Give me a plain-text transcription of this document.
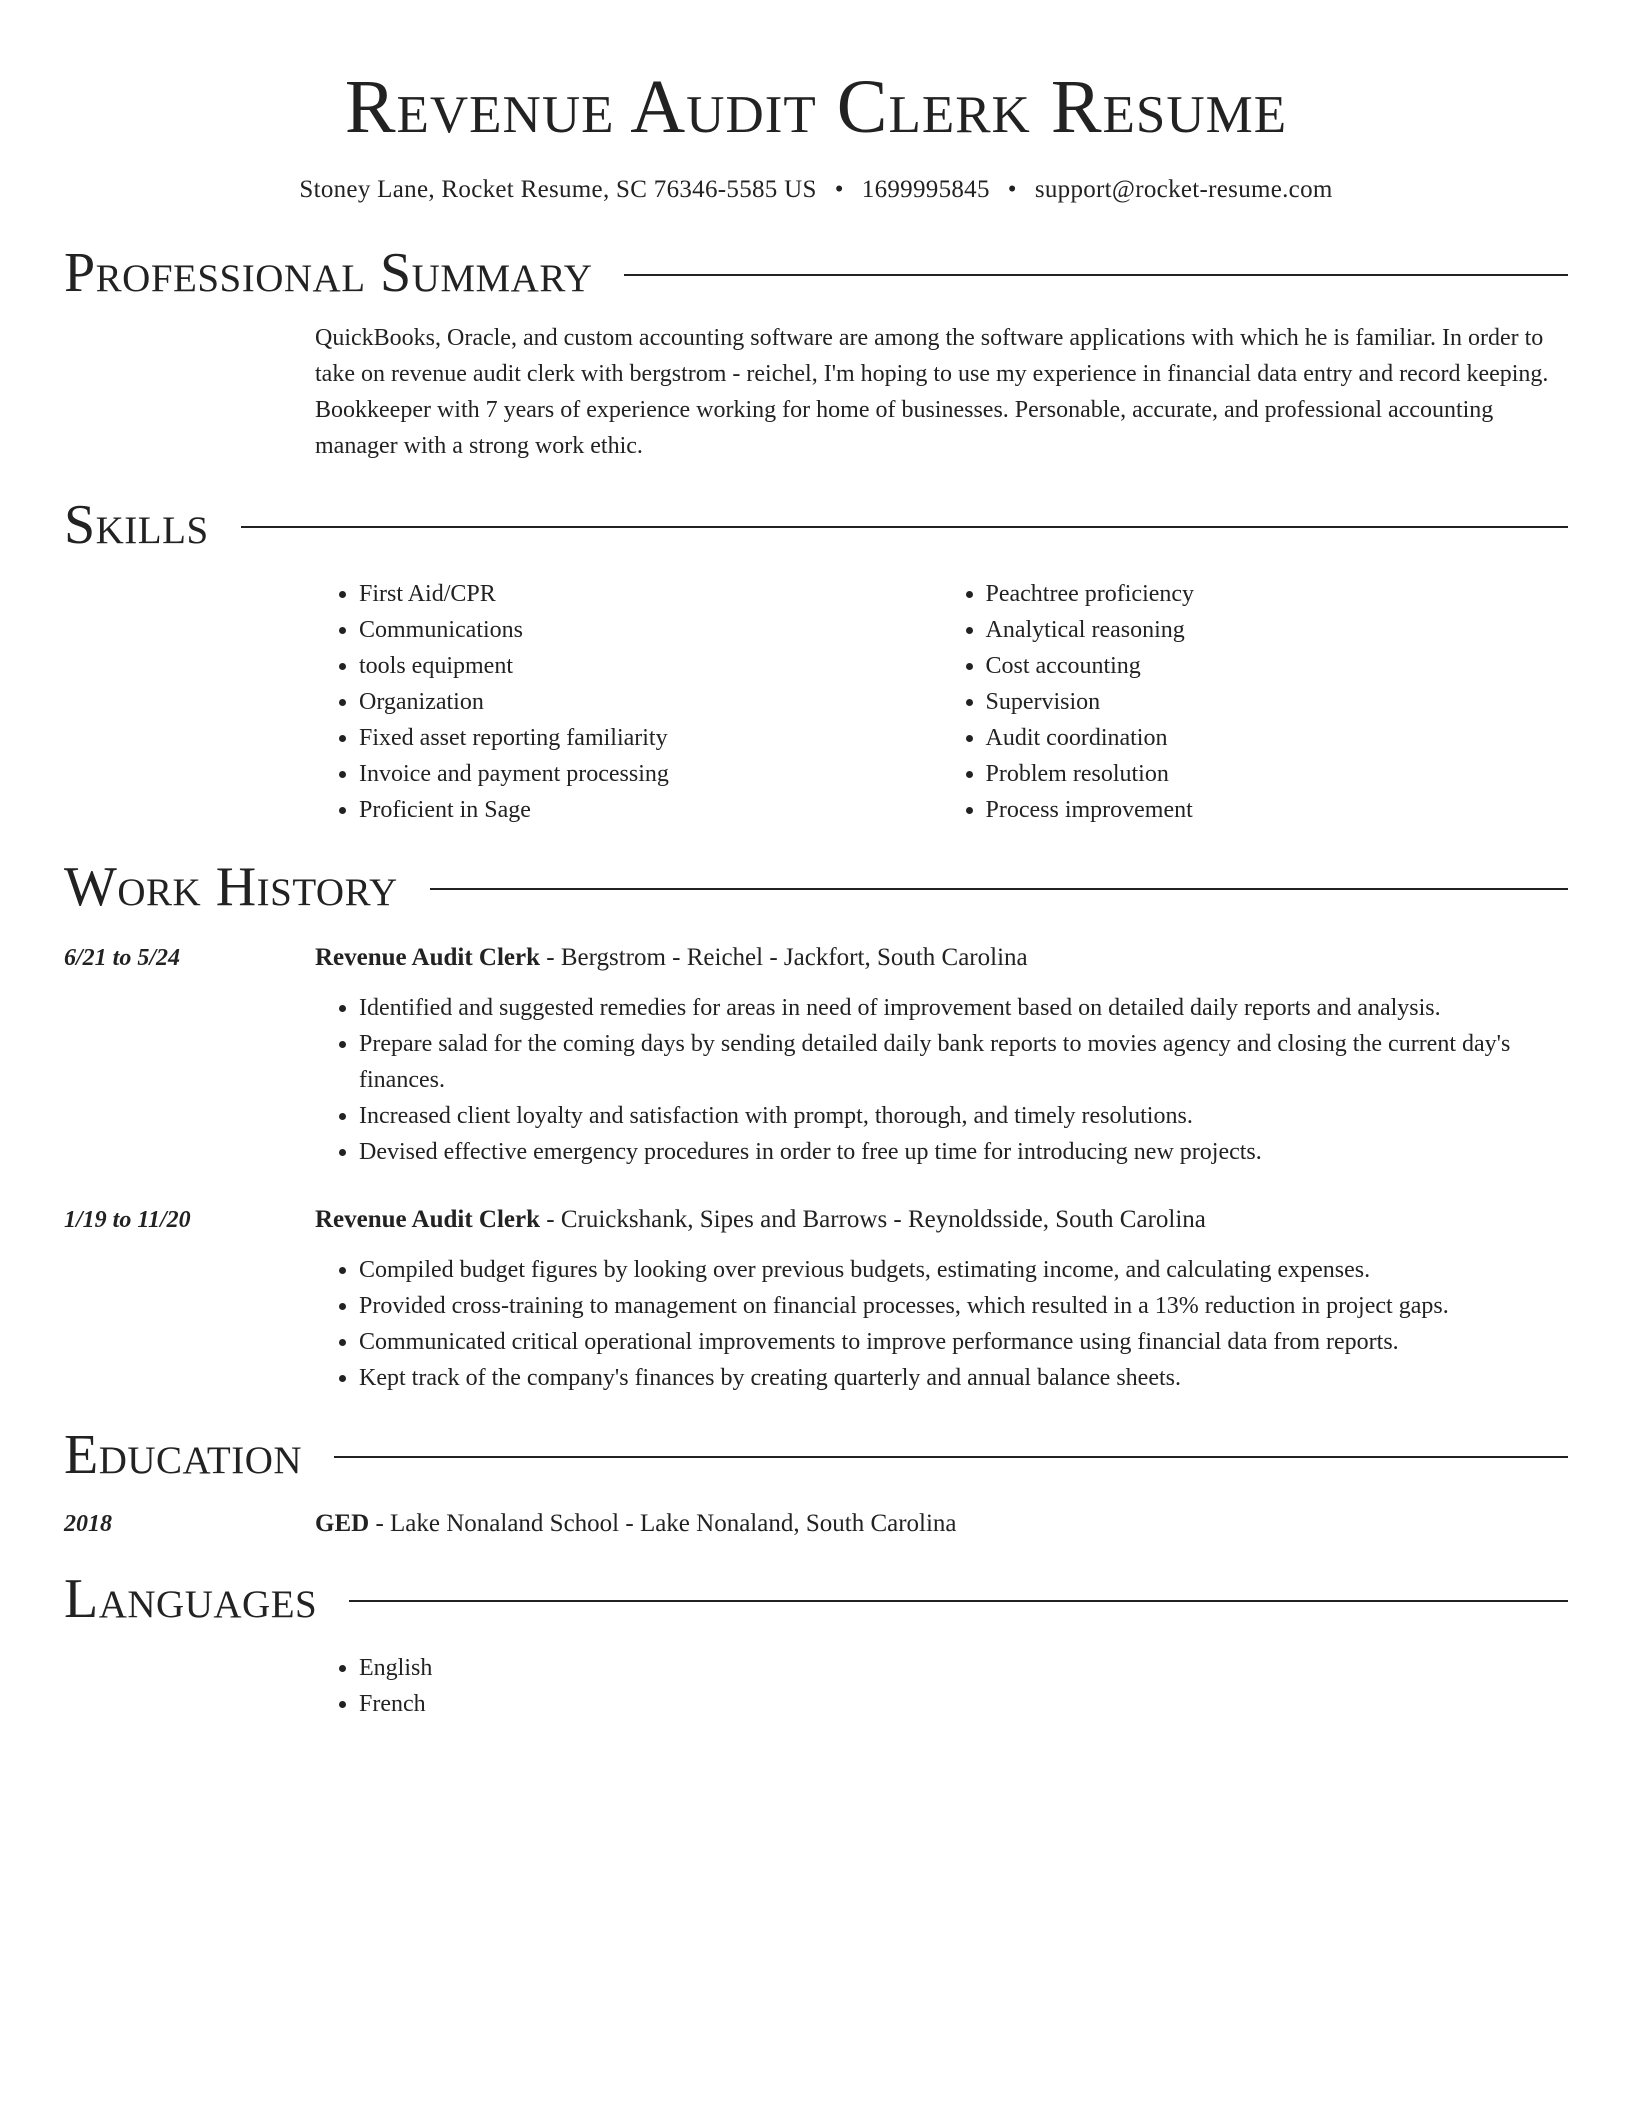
Revenue Audit Clerk Resume
Stoney Lane, Rocket Resume, SC 76346-5585 US • 1699995845 • support@rocket-resume.com
Professional Summary

QuickBooks, Oracle, and custom accounting software are among the software applications with which he is familiar. In order to take on revenue audit clerk with bergstrom - reichel, I'm hoping to use my experience in financial data entry and record keeping. Bookkeeper with 7 years of experience working for home of businesses. Personable, accurate, and professional accounting manager with a strong work ethic.

Skills
• First Aid/CPR
• Communications
• tools equipment
• Organization
• Fixed asset reporting familiarity
• Invoice and payment processing
• Proficient in Sage
• Peachtree proficiency
• Analytical reasoning
• Cost accounting
• Supervision
• Audit coordination
• Problem resolution
• Process improvement
Work History
6/21 to 5/24	Revenue Audit Clerk - Bergstrom - Reichel - Jackfort, South Carolina
• Identified and suggested remedies for areas in need of improvement based on detailed daily reports and analysis.
• Prepare salad for the coming days by sending detailed daily bank reports to movies agency and closing the current day's finances.
• Increased client loyalty and satisfaction with prompt, thorough, and timely resolutions.
• Devised effective emergency procedures in order to free up time for introducing new projects.
1/19 to 11/20	Revenue Audit Clerk - Cruickshank, Sipes and Barrows - Reynoldsside, South Carolina
• Compiled budget figures by looking over previous budgets, estimating income, and calculating expenses.
• Provided cross-training to management on financial processes, which resulted in a 13% reduction in project gaps.
• Communicated critical operational improvements to improve performance using financial data from reports.
• Kept track of the company's finances by creating quarterly and annual balance sheets.
Education
2018	GED - Lake Nonaland School - Lake Nonaland, South Carolina
Languages
• English
• French
